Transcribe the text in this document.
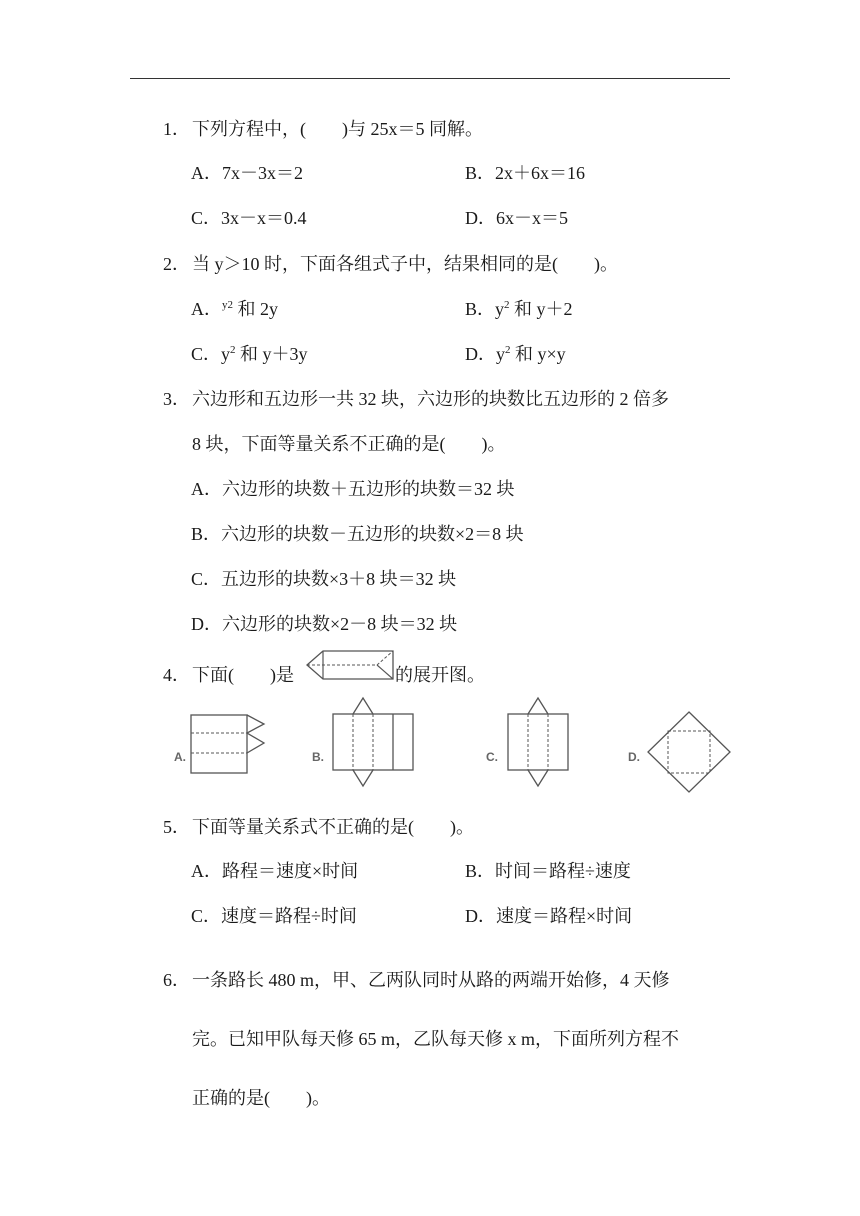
1． 下列方程中，(　　)与 25x＝5 同解。
A．7x－3x＝2	B．2x＋6x＝16
C．3x－x＝0.4	D．6x－x＝5
2． 当 y＞10 时，下面各组式子中，结果相同的是(　　)。
A．$^{y2}$ 和 2y	B．$y^2$ 和 y＋2
C．$y^2$ 和 y＋3y	D．$y^2$ 和 y×y
3． 六边形和五边形一共 32 块，六边形的块数比五边形的 2 倍多
8 块，下面等量关系不正确的是(　　)。
A．六边形的块数＋五边形的块数＝32 块
B．六边形的块数－五边形的块数×2＝8 块
C．五边形的块数×3＋8 块＝32 块
D．六边形的块数×2－8 块＝32 块
4． 下面(　　)是	的展开图。
A.	B.	C.	D.
5． 下面等量关系式不正确的是(　　)。
A．路程＝速度×时间	B．时间＝路程÷速度
C．速度＝路程÷时间	D．速度＝路程×时间
6． 一条路长 480 m，甲、乙两队同时从路的两端开始修，4 天修
完。已知甲队每天修 65 m，乙队每天修 x m，下面所列方程不
正确的是(　　)。
